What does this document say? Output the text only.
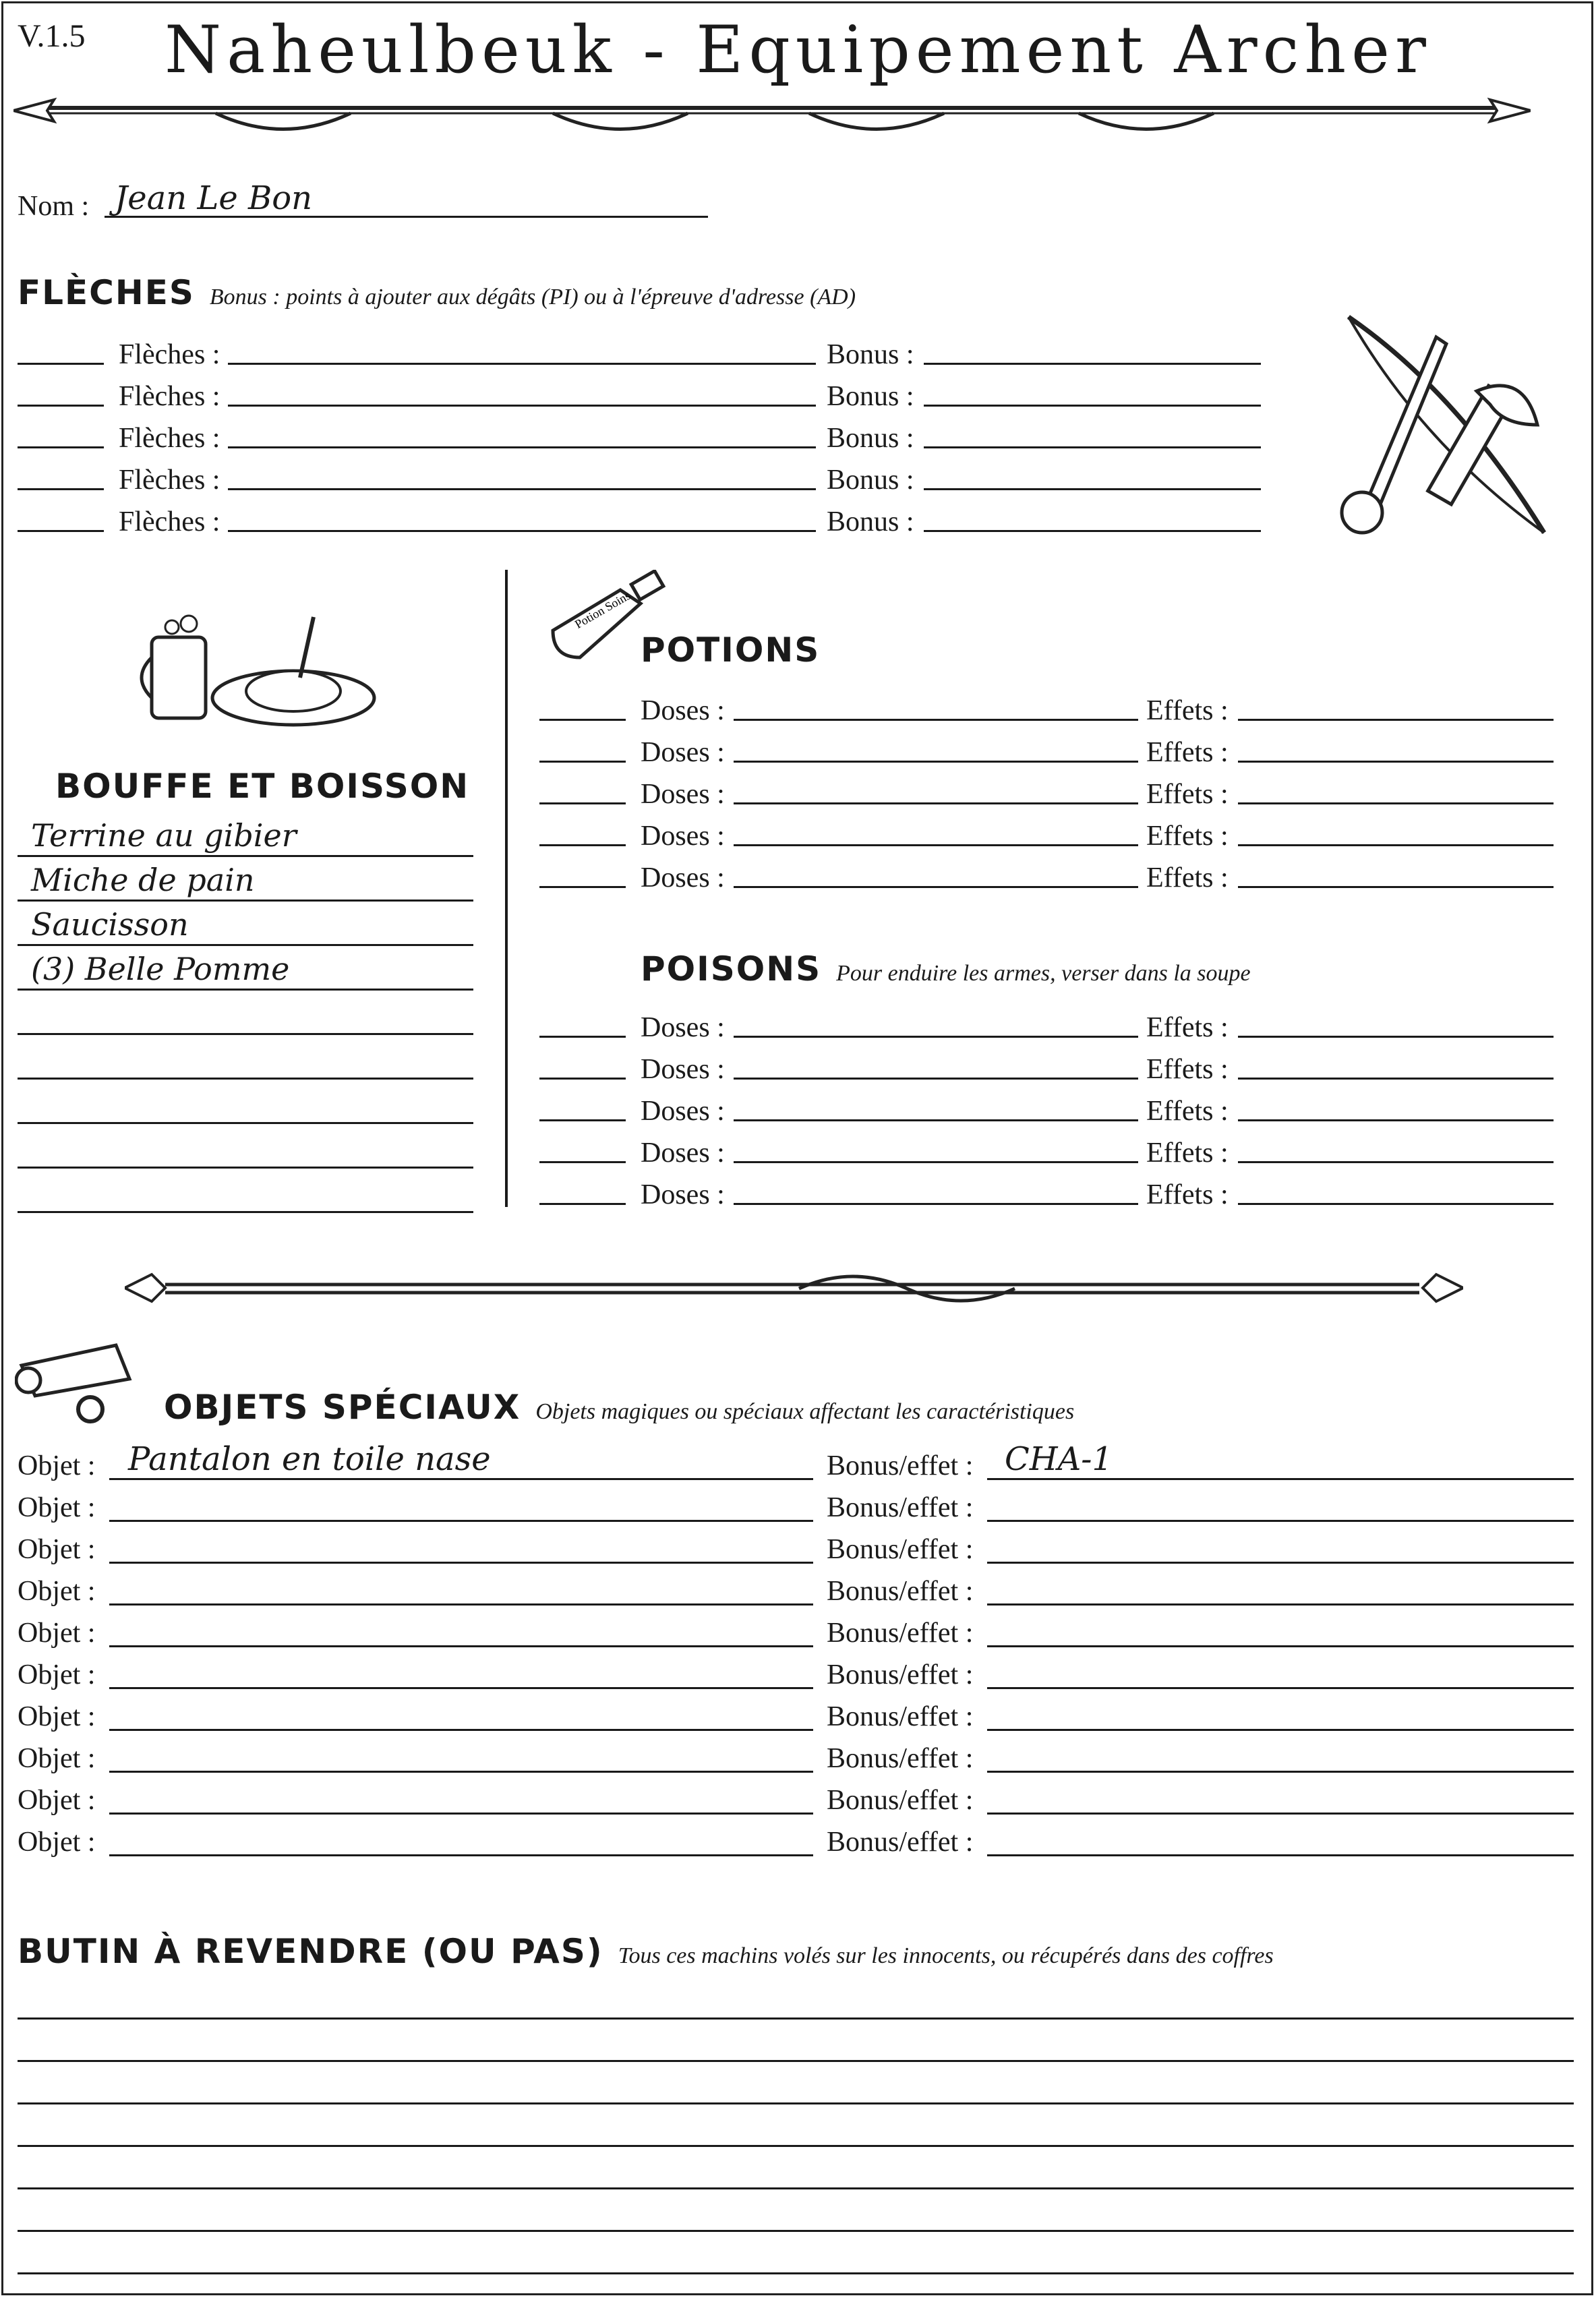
V.1.5	Naheulbeuk - Equipement Archer
Nom : Jean Le Bon
FLÈCHES Bonus : points à ajouter aux dégâts (PI) ou à l'épreuve d'adresse (AD)
BOUFFE ET BOISSON
Potion Soins
POTIONS
POISONS Pour enduire les armes, verser dans la soupe
OBJETS SPÉCIAUX Objets magiques ou spéciaux affectant les caractéristiques
BUTIN À REVENDRE (OU PAS) Tous ces machins volés sur les innocents, ou récupérés dans des coffres
Flèches :	Bonus :
Flèches :	Bonus :
Flèches :	Bonus :
Flèches :	Bonus :
Flèches :	Bonus :
Terrine au gibier
Miche de pain
Saucisson
(3) Belle Pomme
Doses :	Effets :
Doses :	Effets :
Doses :	Effets :
Doses :	Effets :
Doses :	Effets :
Doses :	Effets :
Doses :	Effets :
Doses :	Effets :
Doses :	Effets :
Doses :	Effets :
Objet : Pantalon en toile nase	Bonus/effet : CHA-1
Objet :	Bonus/effet :
Objet :	Bonus/effet :
Objet :	Bonus/effet :
Objet :	Bonus/effet :
Objet :	Bonus/effet :
Objet :	Bonus/effet :
Objet :	Bonus/effet :
Objet :	Bonus/effet :
Objet :	Bonus/effet :
